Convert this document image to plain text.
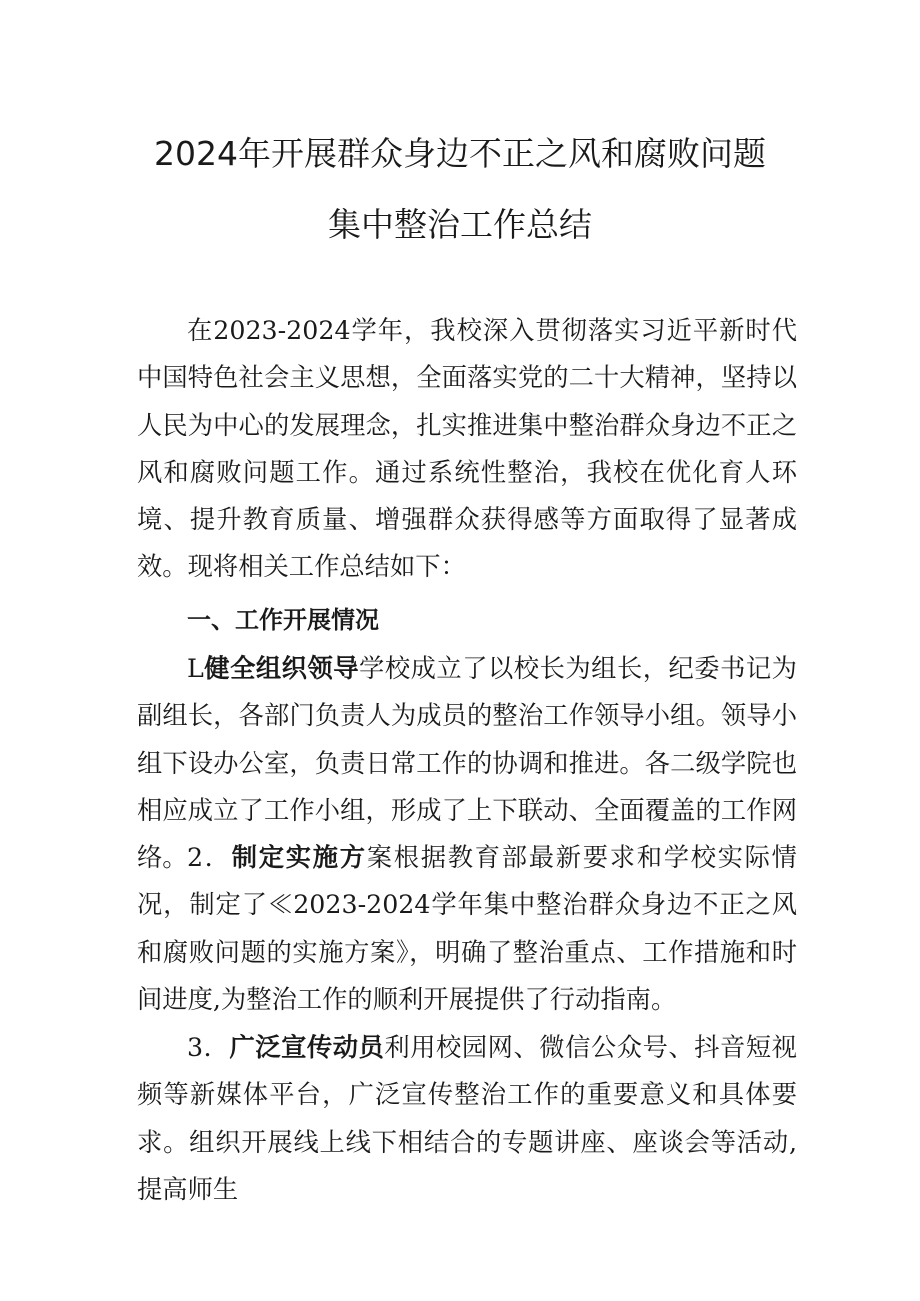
2024年开展群众身边不正之风和腐败问题
集中整治工作总结

在2023-2024学年，我校深入贯彻落实习近平新时代中国特色社会主义思想，全面落实党的二十大精神，坚持以人民为中心的发展理念，扎实推进集中整治群众身边不正之风和腐败问题工作。通过系统性整治，我校在优化育人环境、提升教育质量、增强群众获得感等方面取得了显著成效。现将相关工作总结如下：

一、工作开展情况

L健全组织领导学校成立了以校长为组长，纪委书记为副组长，各部门负责人为成员的整治工作领导小组。领导小组下设办公室，负责日常工作的协调和推进。各二级学院也相应成立了工作小组，形成了上下联动、全面覆盖的工作网络。 2．制定实施方案根据教育部最新要求和学校实际情况，制定了≪2023-2024学年集中整治群众身边不正之风和腐败问题的实施方案》，明确了整治重点、工作措施和时间进度,为整治工作的顺利开展提供了行动指南。

3．广泛宣传动员利用校园网、微信公众号、抖音短视频等新媒体平台，广泛宣传整治工作的重要意义和具体要求。组织开展线上线下相结合的专题讲座、座谈会等活动,提高师生
